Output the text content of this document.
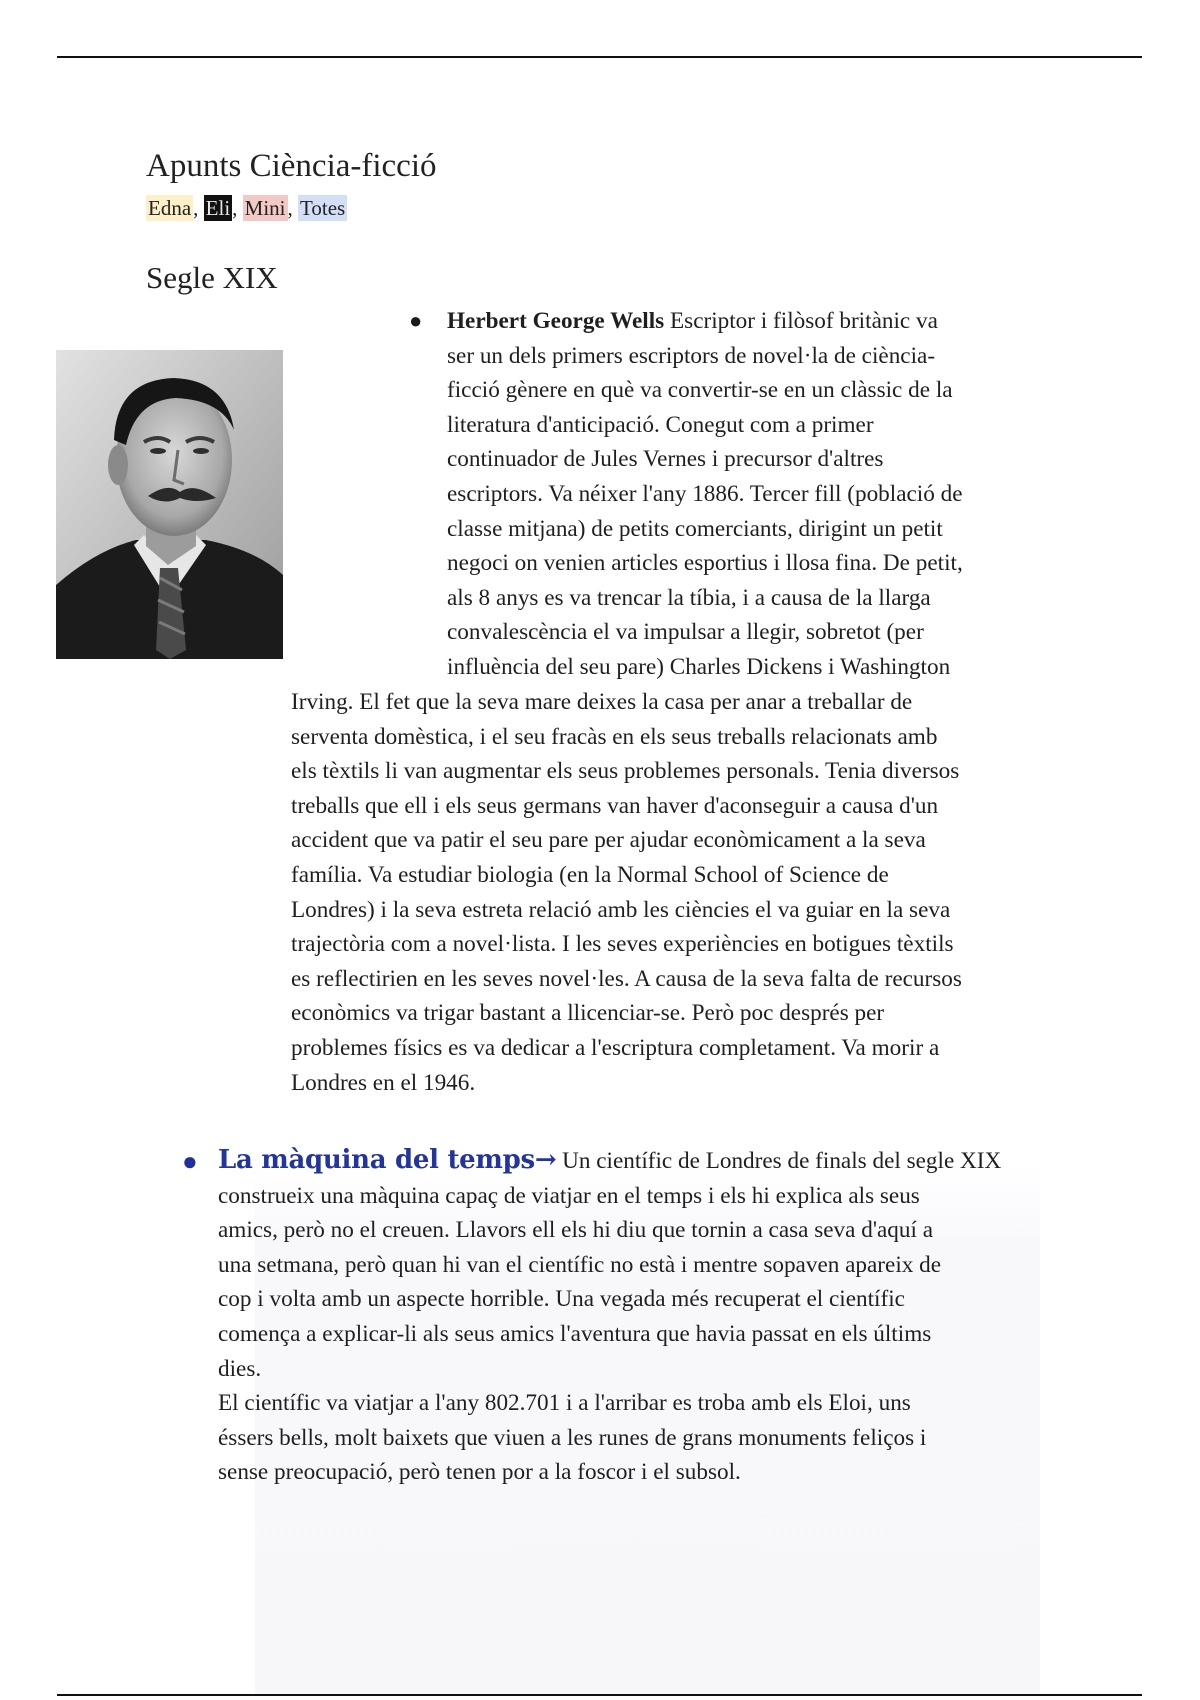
Apunts Ciència-ficció
Edna, Eli, Mini, Totes
Segle XIX
● Herbert George Wells Escriptor i filòsof britànic va
ser un dels primers escriptors de novel·la de ciència-
ficció gènere en què va convertir-se en un clàssic de la
literatura d'anticipació. Conegut com a primer
continuador de Jules Vernes i precursor d'altres
escriptors. Va néixer l'any 1886. Tercer fill (població de
classe mitjana) de petits comerciants, dirigint un petit
negoci on venien articles esportius i llosa fina. De petit,
als 8 anys es va trencar la tíbia, i a causa de la llarga
convalescència el va impulsar a llegir, sobretot (per
influència del seu pare) Charles Dickens i Washington
Irving. El fet que la seva mare deixes la casa per anar a treballar de
serventa domèstica, i el seu fracàs en els seus treballs relacionats amb
els tèxtils li van augmentar els seus problemes personals. Tenia diversos
treballs que ell i els seus germans van haver d'aconseguir a causa d'un
accident que va patir el seu pare per ajudar econòmicament a la seva
família. Va estudiar biologia (en la Normal School of Science de
Londres) i la seva estreta relació amb les ciències el va guiar en la seva
trajectòria com a novel·lista. I les seves experiències en botigues tèxtils
es reflectirien en les seves novel·les. A causa de la seva falta de recursos
econòmics va trigar bastant a llicenciar-se. Però poc després per
problemes físics es va dedicar a l'escriptura completament. Va morir a
Londres en el 1946.
● La màquina del temps→ Un científic de Londres de finals del segle XIX
construeix una màquina capaç de viatjar en el temps i els hi explica als seus
amics, però no el creuen. Llavors ell els hi diu que tornin a casa seva d'aquí a
una setmana, però quan hi van el científic no està i mentre sopaven apareix de
cop i volta amb un aspecte horrible. Una vegada més recuperat el científic
comença a explicar-li als seus amics l'aventura que havia passat en els últims
dies.
El científic va viatjar a l'any 802.701 i a l'arribar es troba amb els Eloi, uns
éssers bells, molt baixets que viuen a les runes de grans monuments feliços i
sense preocupació, però tenen por a la foscor i el subsol.
